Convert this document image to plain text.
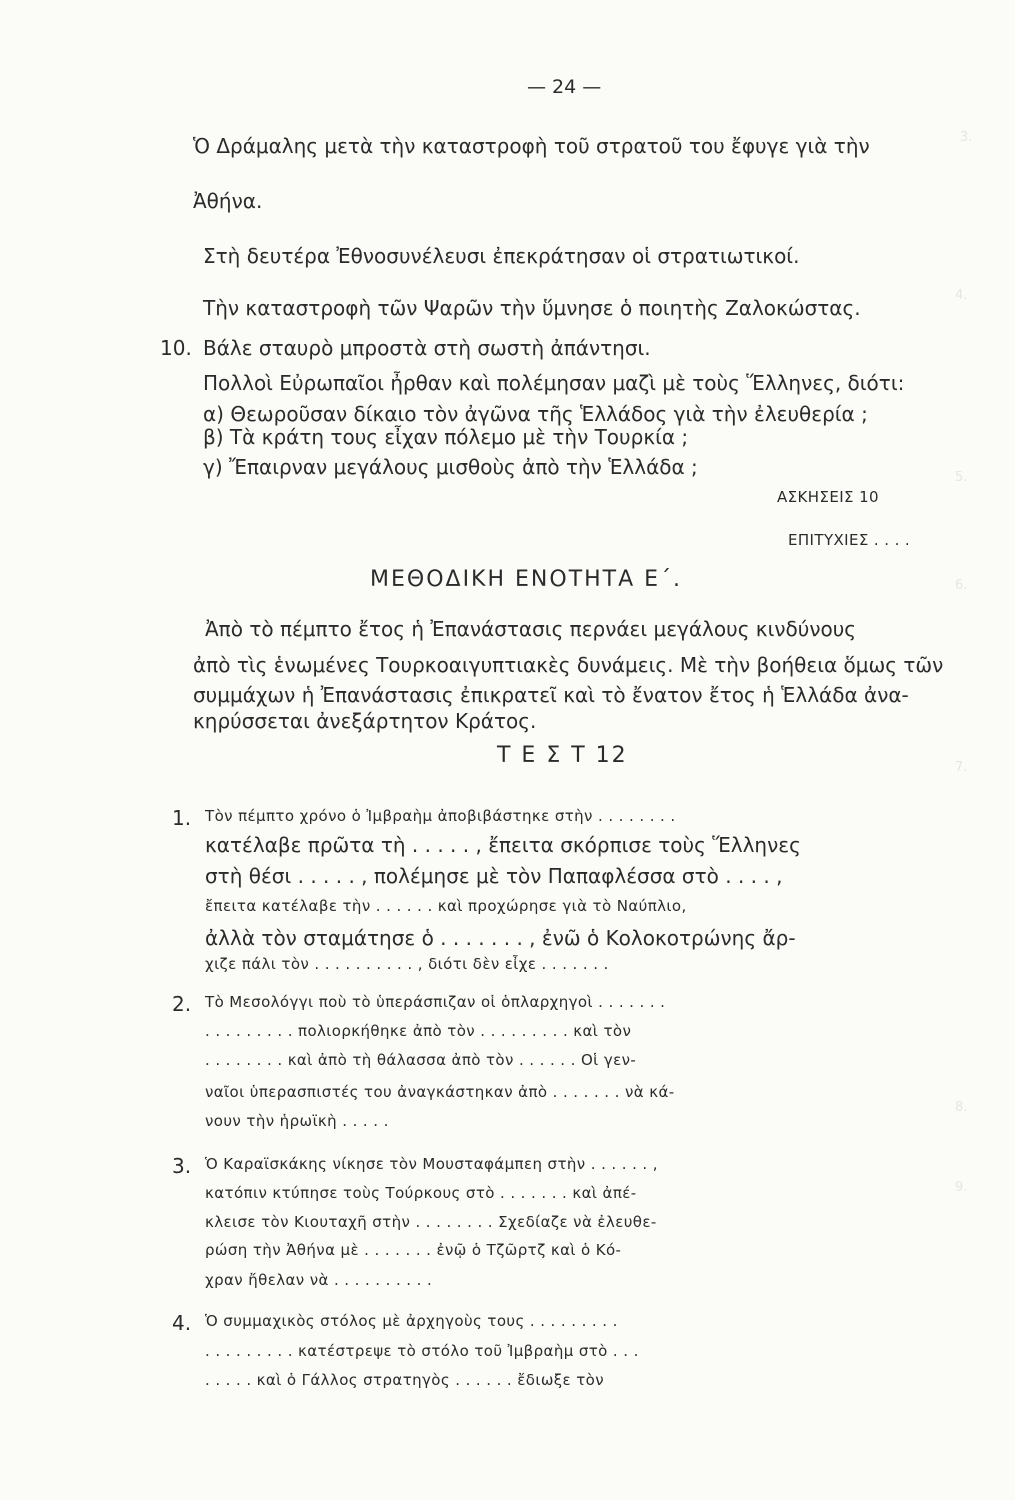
3.
4.
5.
6.
7.
8.
9.
— 24 —
Ὁ Δράμαλης μετὰ τὴν καταστροφὴ τοῦ στρατοῦ του ἔφυγε γιὰ τὴν
Ἀθήνα.
Στὴ δευτέρα Ἐθνοσυνέλευσι ἐπεκράτησαν οἱ στρατιωτικοί.
Τὴν καταστροφὴ τῶν Ψαρῶν τὴν ὕμνησε ὁ ποιητὴς Ζαλοκώστας.
10. Βάλε σταυρὸ μπροστὰ στὴ σωστὴ ἀπάντησι.
Πολλοὶ Εὐρωπαῖοι ἦρθαν καὶ πολέμησαν μαζὶ μὲ τοὺς Ἕλληνες, διότι:
α) Θεωροῦσαν δίκαιο τὸν ἀγῶνα τῆς Ἑλλάδος γιὰ τὴν ἐλευθερία ;
β) Τὰ κράτη τους εἶχαν πόλεμο μὲ τὴν Τουρκία ;
γ) Ἔπαιρναν μεγάλους μισθοὺς ἀπὸ τὴν Ἑλλάδα ;
ΑΣΚΗΣΕΙΣ 10
ΕΠΙΤΥΧΙΕΣ . . . .
ΜΕΘΟΔΙΚΗ ΕΝΟΤΗΤΑ Ε΄.
Ἀπὸ τὸ πέμπτο ἔτος ἡ Ἐπανάστασις περνάει μεγάλους κινδύνους
ἀπὸ τὶς ἑνωμένες Τουρκοαιγυπτιακὲς δυνάμεις. Μὲ τὴν βοήθεια ὅμως τῶν
συμμάχων ἡ Ἐπανάστασις ἐπικρατεῖ καὶ τὸ ἔνατον ἔτος ἡ Ἑλλάδα ἀνα-
κηρύσσεται ἀνεξάρτητον Κράτος.
Τ Ε Σ Τ 12
1. Τὸν πέμπτο χρόνο ὁ Ἰμβραὴμ ἀποβιβάστηκε στὴν . . . . . . . .
κατέλαβε πρῶτα τὴ . . . . . , ἔπειτα σκόρπισε τοὺς Ἕλληνες
στὴ θέσι . . . . . , πολέμησε μὲ τὸν Παπαφλέσσα στὸ . . . . ,
ἔπειτα κατέλαβε τὴν . . . . . . καὶ προχώρησε γιὰ τὸ Ναύπλιο,
ἀλλὰ τὸν σταμάτησε ὁ . . . . . . . , ἐνῶ ὁ Κολοκοτρώνης ἄρ-
χιζε πάλι τὸν . . . . . . . . . . , διότι δὲν εἶχε . . . . . . .
2. Τὸ Μεσολόγγι ποὺ τὸ ὑπεράσπιζαν οἱ ὁπλαρχηγοὶ . . . . . . .
. . . . . . . . . πολιορκήθηκε ἀπὸ τὸν . . . . . . . . . καὶ τὸν
. . . . . . . . καὶ ἀπὸ τὴ θάλασσα ἀπὸ τὸν . . . . . . Οἱ γεν-
ναῖοι ὑπερασπιστές του ἀναγκάστηκαν ἀπὸ . . . . . . . νὰ κά-
νουν τὴν ἡρωϊκὴ . . . . .
3. Ὁ Καραϊσκάκης νίκησε τὸν Μουσταφάμπεη στὴν . . . . . . ,
κατόπιν κτύπησε τοὺς Τούρκους στὸ . . . . . . . καὶ ἀπέ-
κλεισε τὸν Κιουταχῆ στὴν . . . . . . . . Σχεδίαζε νὰ ἐλευθε-
ρώση τὴν Ἀθήνα μὲ . . . . . . . ἐνῷ ὁ Τζῶρτζ καὶ ὁ Κό-
χραν ἤθελαν νὰ . . . . . . . . . .
4. Ὁ συμμαχικὸς στόλος μὲ ἀρχηγοὺς τους . . . . . . . . .
. . . . . . . . . κατέστρεψε τὸ στόλο τοῦ Ἰμβραὴμ στὸ . . .
. . . . . καὶ ὁ Γάλλος στρατηγὸς . . . . . . ἔδιωξε τὸν
